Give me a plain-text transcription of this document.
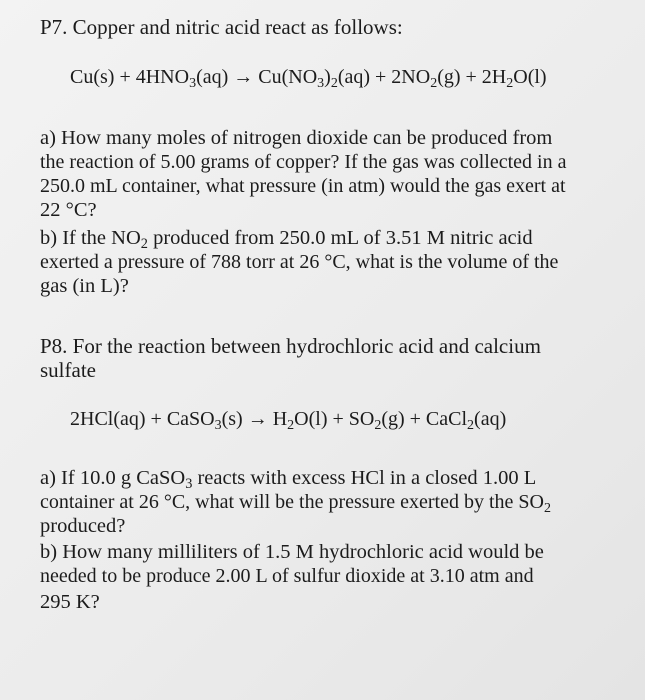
P7. Copper and nitric acid react as follows:
$Cu(s) + 4HNO_3(aq) \to Cu(NO_3)_2(aq) + 2NO_2(g) + 2H_2O(l)$
a) How many moles of nitrogen dioxide can be produced from
the reaction of 5.00 grams of copper? If the gas was collected in a
250.0 mL container, what pressure (in atm) would the gas exert at
22 °C?
b) If the $NO_2$ produced from 250.0 mL of 3.51 M nitric acid
exerted a pressure of 788 torr at 26 °C, what is the volume of the
gas (in L)?
P8. For the reaction between hydrochloric acid and calcium
sulfate
2HCl(aq) + CaSO$_3$(s) → $H_2O(l) + SO_2(g)$ + CaCl$_2$(aq)
a) If 10.0 g CaSO$_3$ reacts with excess HCl in a closed 1.00 L
container at 26 °C, what will be the pressure exerted by the $SO_2$
produced?
b) How many milliliters of 1.5 M hydrochloric acid would be
needed to be produce 2.00 L of sulfur dioxide at 3.10 atm and
295 K?
